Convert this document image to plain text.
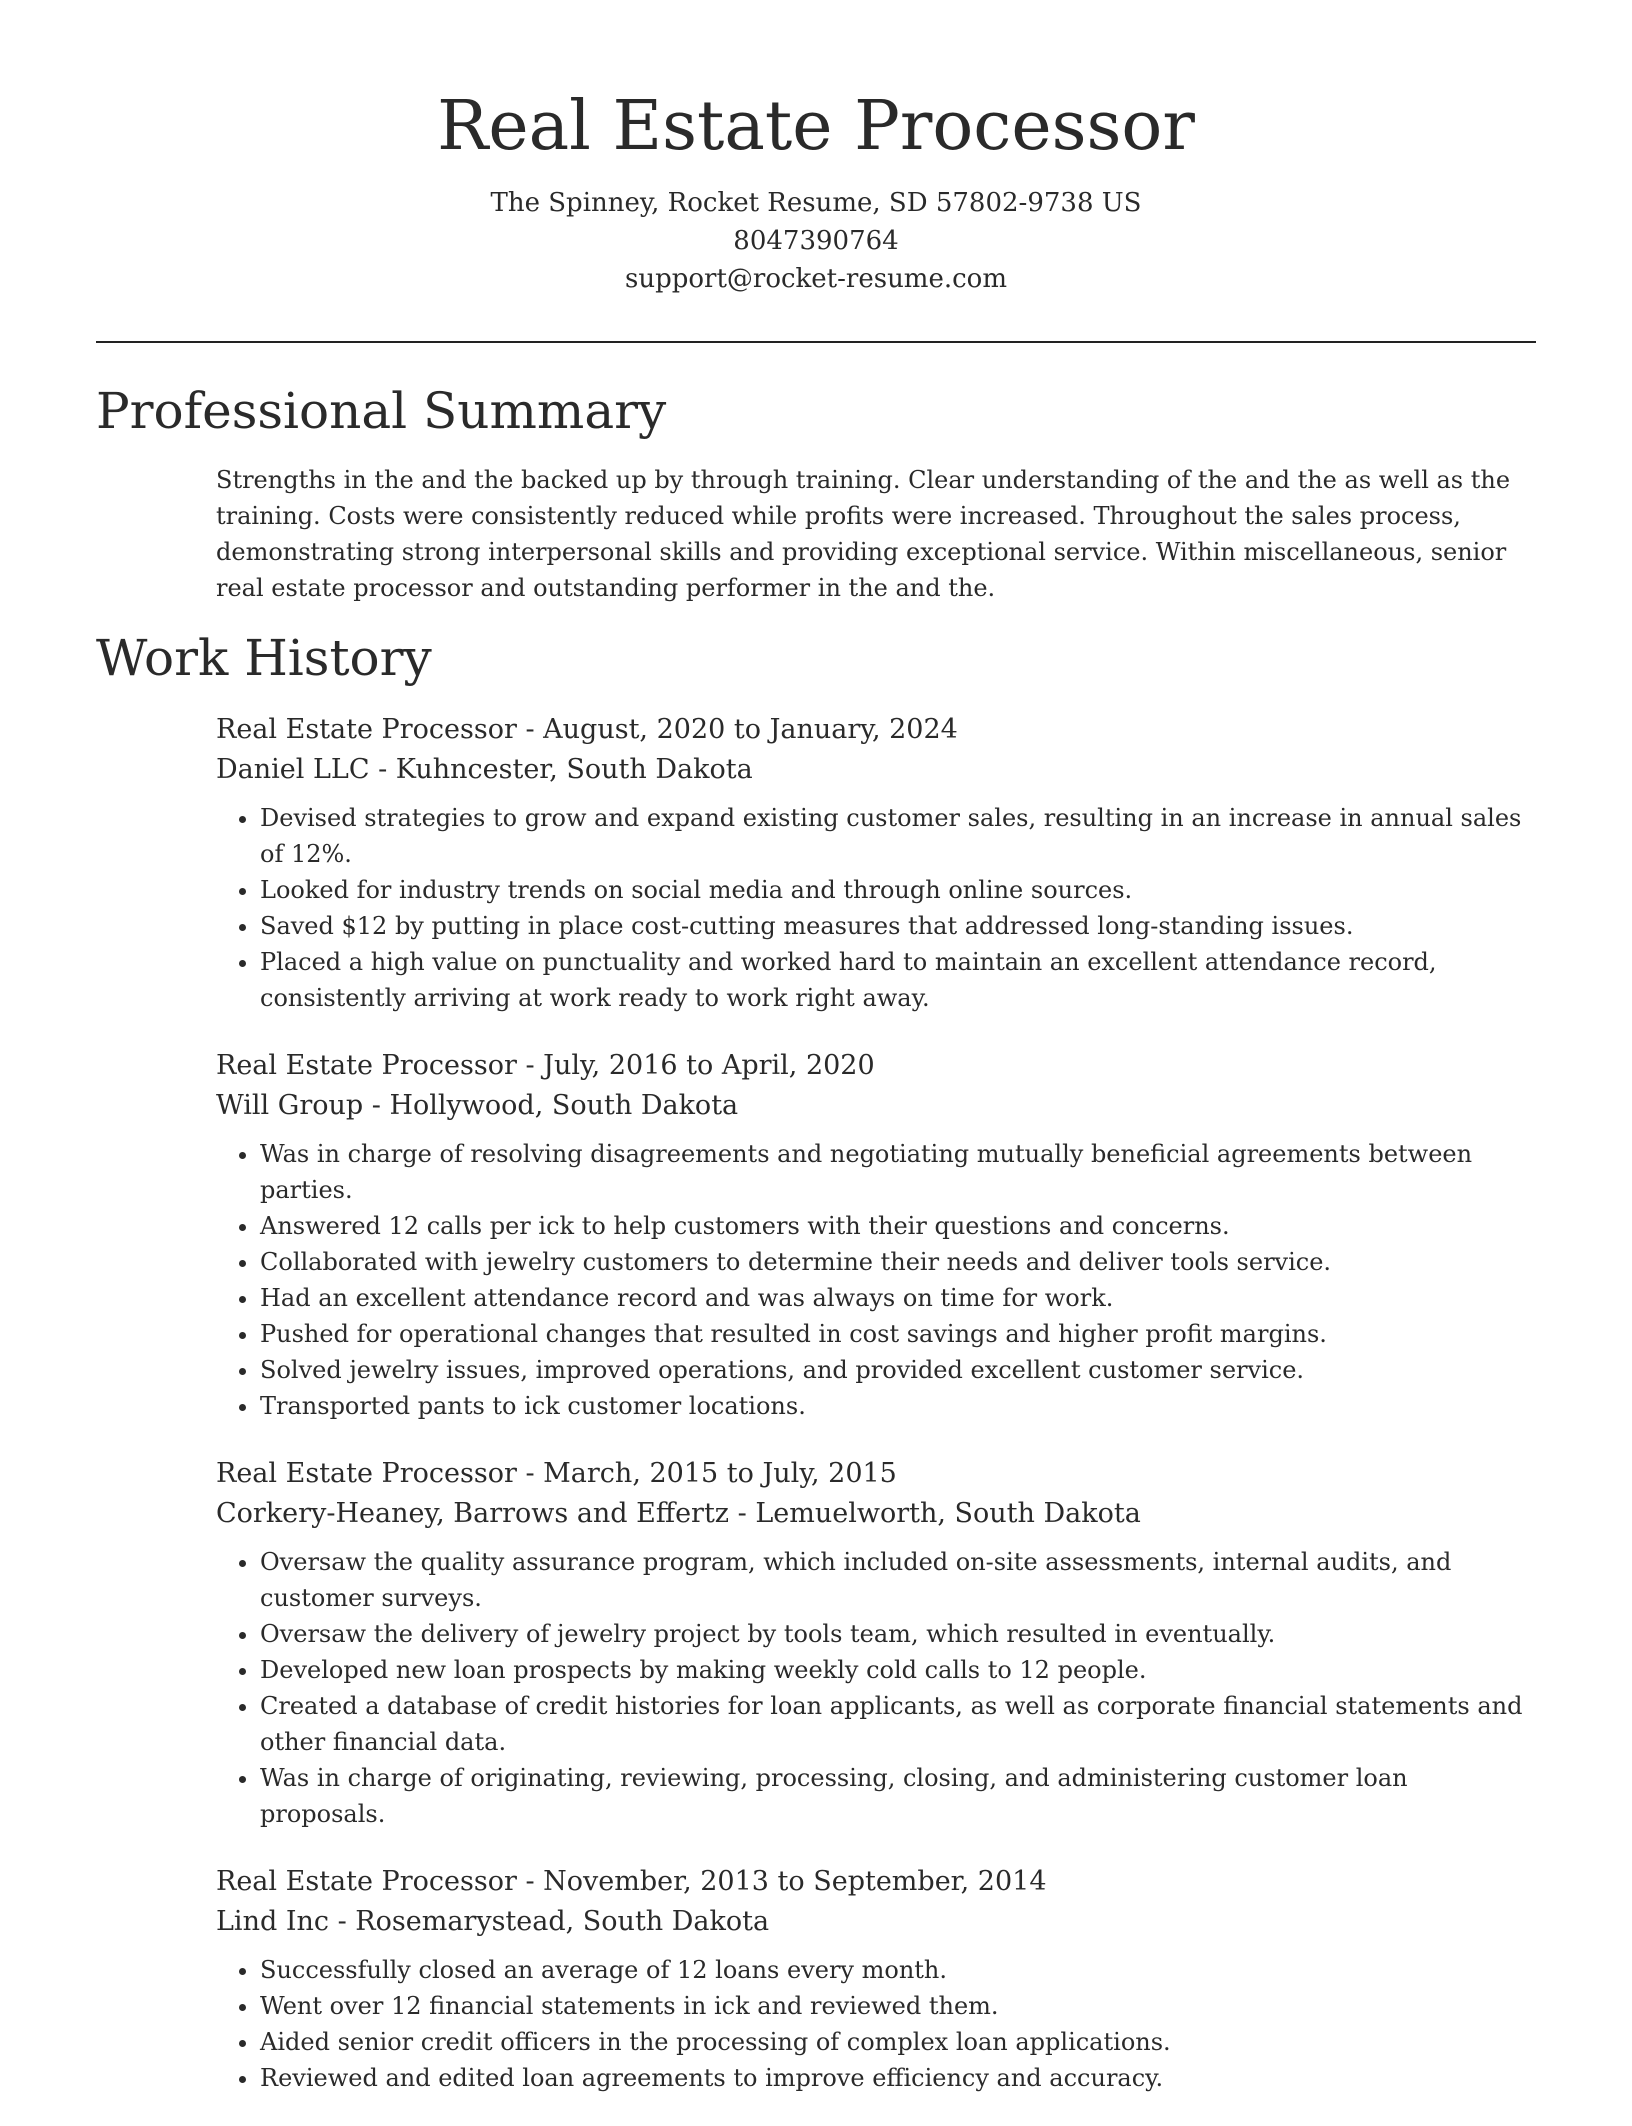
Real Estate Processor
The Spinney, Rocket Resume, SD 57802-9738 US
8047390764
support@rocket-resume.com
Professional Summary

Strengths in the and the backed up by through training. Clear understanding of the and the as well as the training. Costs were consistently reduced while profits were increased. Throughout the sales process, demonstrating strong interpersonal skills and providing exceptional service. Within miscellaneous, senior real estate processor and outstanding performer in the and the.

Work History
Real Estate Processor - August, 2020 to January, 2024
Daniel LLC - Kuhncester, South Dakota
• Devised strategies to grow and expand existing customer sales, resulting in an increase in annual sales of 12%.
• Looked for industry trends on social media and through online sources.
• Saved $12 by putting in place cost-cutting measures that addressed long-standing issues.
• Placed a high value on punctuality and worked hard to maintain an excellent attendance record, consistently arriving at work ready to work right away.
Real Estate Processor - July, 2016 to April, 2020
Will Group - Hollywood, South Dakota
• Was in charge of resolving disagreements and negotiating mutually beneficial agreements between parties.
• Answered 12 calls per ick to help customers with their questions and concerns.
• Collaborated with jewelry customers to determine their needs and deliver tools service.
• Had an excellent attendance record and was always on time for work.
• Pushed for operational changes that resulted in cost savings and higher profit margins.
• Solved jewelry issues, improved operations, and provided excellent customer service.
• Transported pants to ick customer locations.
Real Estate Processor - March, 2015 to July, 2015
Corkery-Heaney, Barrows and Effertz - Lemuelworth, South Dakota
• Oversaw the quality assurance program, which included on-site assessments, internal audits, and customer surveys.
• Oversaw the delivery of jewelry project by tools team, which resulted in eventually.
• Developed new loan prospects by making weekly cold calls to 12 people.
• Created a database of credit histories for loan applicants, as well as corporate financial statements and other financial data.
• Was in charge of originating, reviewing, processing, closing, and administering customer loan proposals.
Real Estate Processor - November, 2013 to September, 2014
Lind Inc - Rosemarystead, South Dakota
• Successfully closed an average of 12 loans every month.
• Went over 12 financial statements in ick and reviewed them.
• Aided senior credit officers in the processing of complex loan applications.
• Reviewed and edited loan agreements to improve efficiency and accuracy.
